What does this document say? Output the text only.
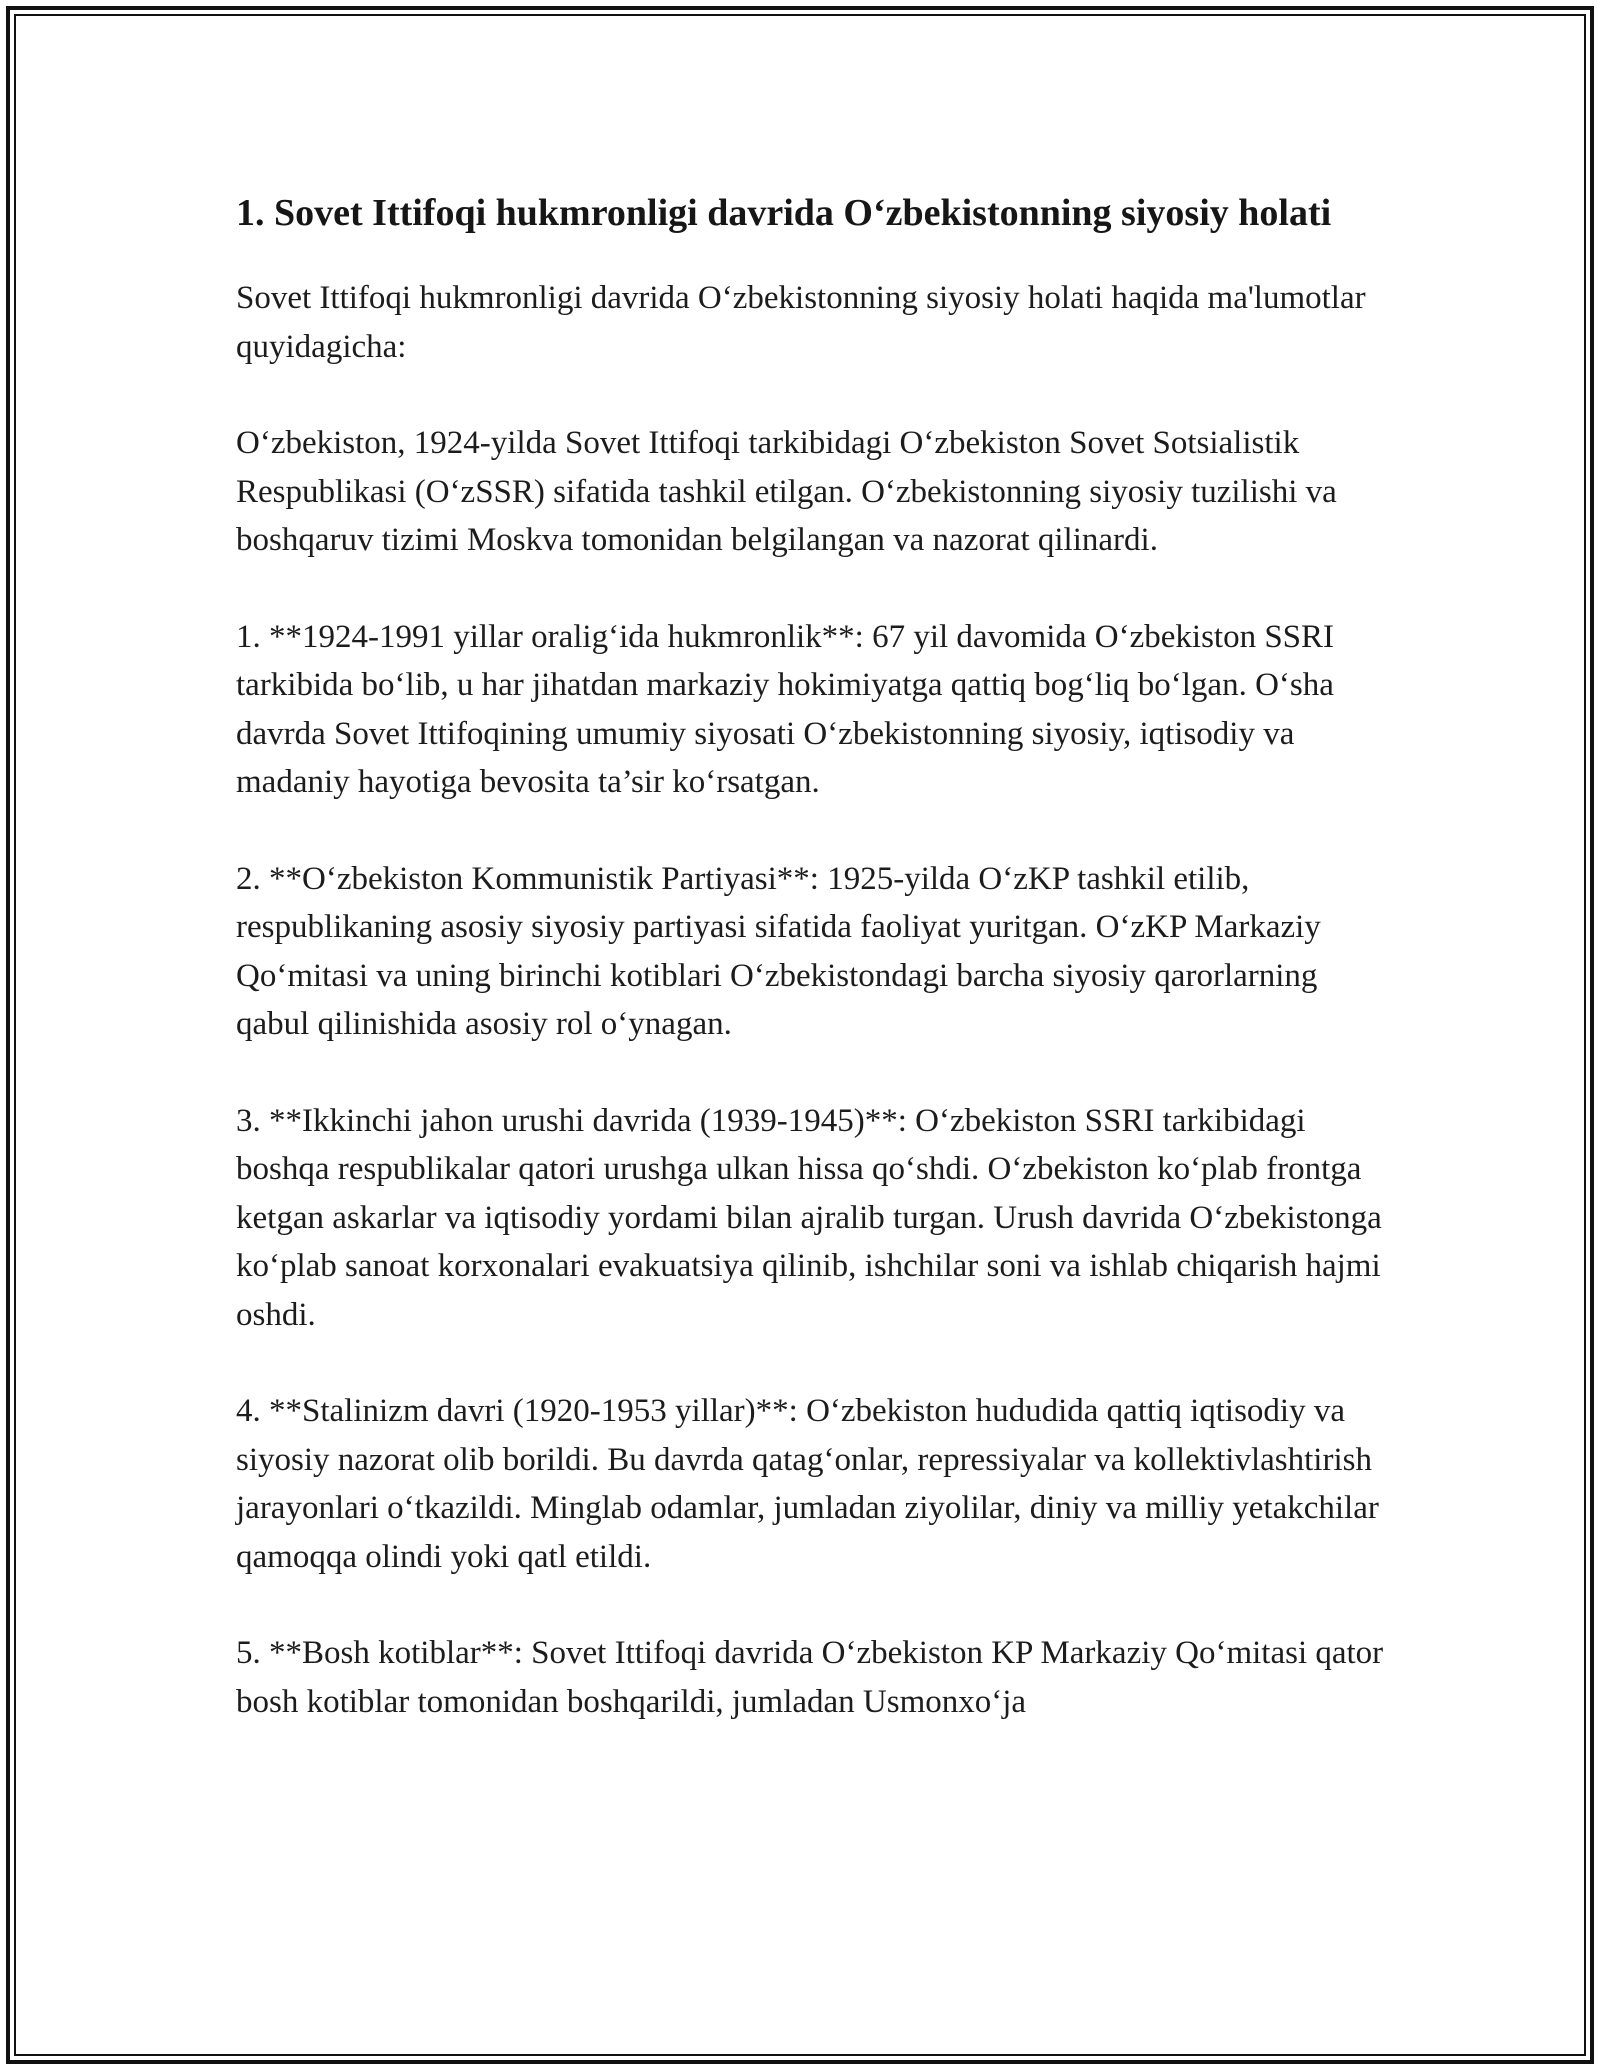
1. Sovet Ittifoqi hukmronligi davrida O‘zbekistonning siyosiy holati

Sovet Ittifoqi hukmronligi davrida O‘zbekistonning siyosiy holati haqida ma'lumotlar quyidagicha:

O‘zbekiston, 1924-yilda Sovet Ittifoqi tarkibidagi O‘zbekiston Sovet Sotsialistik Respublikasi (O‘zSSR) sifatida tashkil etilgan. O‘zbekistonning siyosiy tuzilishi va boshqaruv tizimi Moskva tomonidan belgilangan va nazorat qilinardi.

1. **1924-1991 yillar oralig‘ida hukmronlik**: 67 yil davomida O‘zbekiston SSRI tarkibida bo‘lib, u har jihatdan markaziy hokimiyatga qattiq bog‘liq bo‘lgan. O‘sha davrda Sovet Ittifoqining umumiy siyosati O‘zbekistonning siyosiy, iqtisodiy va madaniy hayotiga bevosita ta’sir ko‘rsatgan.

2. **O‘zbekiston Kommunistik Partiyasi**: 1925-yilda O‘zKP tashkil etilib, respublikaning asosiy siyosiy partiyasi sifatida faoliyat yuritgan. O‘zKP Markaziy Qo‘mitasi va uning birinchi kotiblari O‘zbekistondagi barcha siyosiy qarorlarning qabul qilinishida asosiy rol o‘ynagan.

3. **Ikkinchi jahon urushi davrida (1939-1945)**: O‘zbekiston SSRI tarkibidagi boshqa respublikalar qatori urushga ulkan hissa qo‘shdi. O‘zbekiston ko‘plab frontga ketgan askarlar va iqtisodiy yordami bilan ajralib turgan. Urush davrida O‘zbekistonga ko‘plab sanoat korxonalari evakuatsiya qilinib, ishchilar soni va ishlab chiqarish hajmi oshdi.

4. **Stalinizm davri (1920-1953 yillar)**: O‘zbekiston hududida qattiq iqtisodiy va siyosiy nazorat olib borildi. Bu davrda qatag‘onlar, repressiyalar va kollektivlashtirish jarayonlari o‘tkazildi. Minglab odamlar, jumladan ziyolilar, diniy va milliy yetakchilar qamoqqa olindi yoki qatl etildi.

5. **Bosh kotiblar**: Sovet Ittifoqi davrida O‘zbekiston KP Markaziy Qo‘mitasi qator bosh kotiblar tomonidan boshqarildi, jumladan Usmonxo‘ja
